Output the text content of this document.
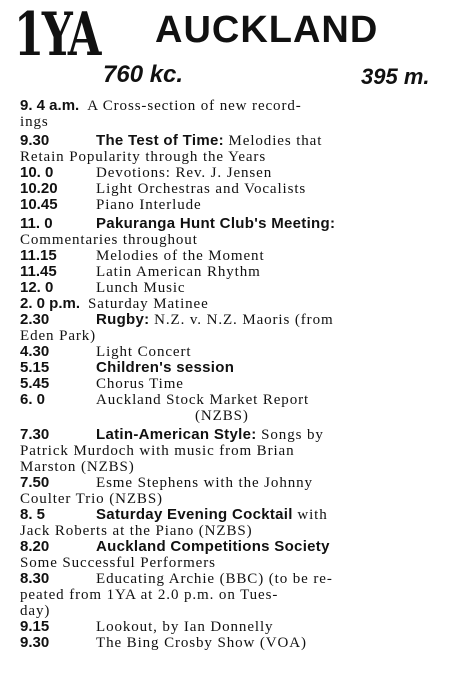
1YA AUCKLAND
760 kc.	395 m.
9. 4 a.m. A Cross-section of new record-
ings
9.30	The Test of Time: Melodies that
Retain Popularity through the Years
10. 0	Devotions: Rev. J. Jensen
10.20	Light Orchestras and Vocalists
10.45	Piano Interlude
11. 0	Pakuranga Hunt Club's Meeting:
Commentaries throughout
11.15	Melodies of the Moment
11.45	Latin American Rhythm
12. 0	Lunch Music
2. 0 p.m. Saturday Matinee
2.30	Rugby: N.Z. v. N.Z. Maoris (from
Eden Park)
4.30	Light Concert
5.15	Children's session
5.45	Chorus Time
6. 0	Auckland Stock Market Report
(NZBS)
7.30	Latin-American Style: Songs by
Patrick Murdoch with music from Brian
Marston (NZBS)
7.50	Esme Stephens with the Johnny
Coulter Trio (NZBS)
8. 5	Saturday Evening Cocktail with
Jack Roberts at the Piano (NZBS)
8.20	Auckland Competitions Society
Some Successful Performers
8.30	Educating Archie (BBC) (to be re-
peated from 1YA at 2.0 p.m. on Tues-
day)
9.15	Lookout, by Ian Donnelly
9.30	The Bing Crosby Show (VOA)
